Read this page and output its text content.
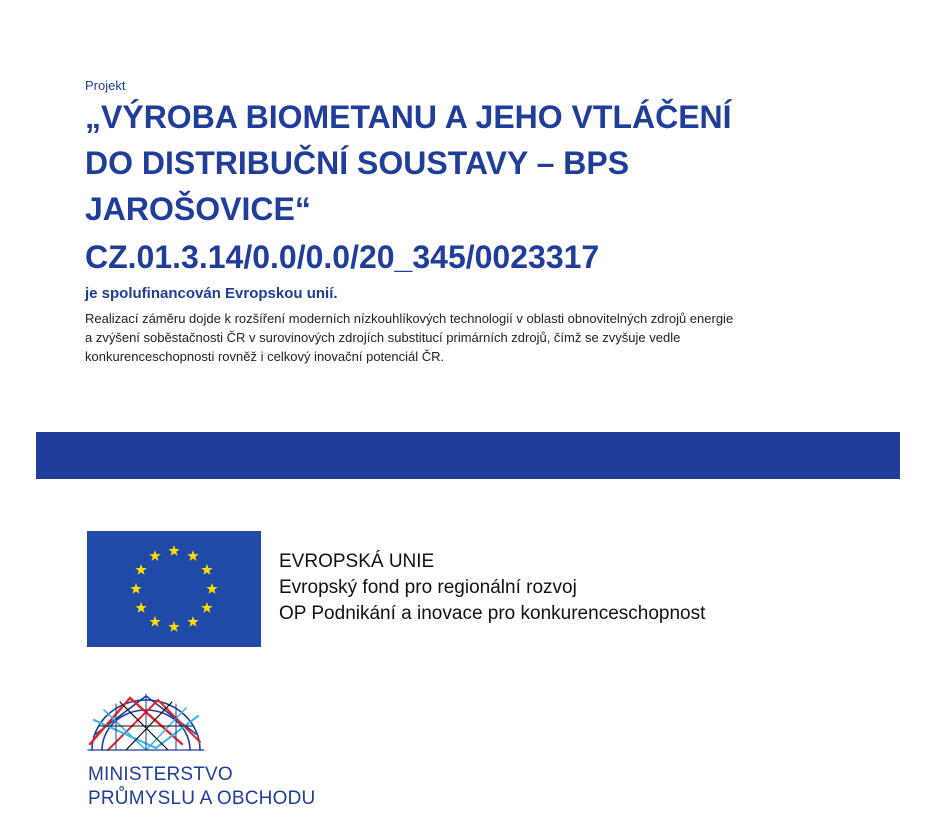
Projekt
„VÝROBA BIOMETANU A JEHO VTLÁČENÍ
DO DISTRIBUČNÍ SOUSTAVY – BPS
JAROŠOVICE“
CZ.01.3.14/0.0/0.0/20_345/0023317
je spolufinancován Evropskou unií.

Realizací záměru dojde k rozšíření moderních nízkouhlíkových technologií v oblasti obnovitelných zdrojů energie
a zvýšení soběstačnosti ČR v surovinových zdrojích substitucí primárních zdrojů, čímž se zvyšuje vedle
konkurenceschopnosti rovněž i celkový inovační potenciál ČR.

EVROPSKÁ UNIE
Evropský fond pro regionální rozvoj
OP Podnikání a inovace pro konkurenceschopnost
MINISTERSTVO
PRŮMYSLU A OBCHODU
